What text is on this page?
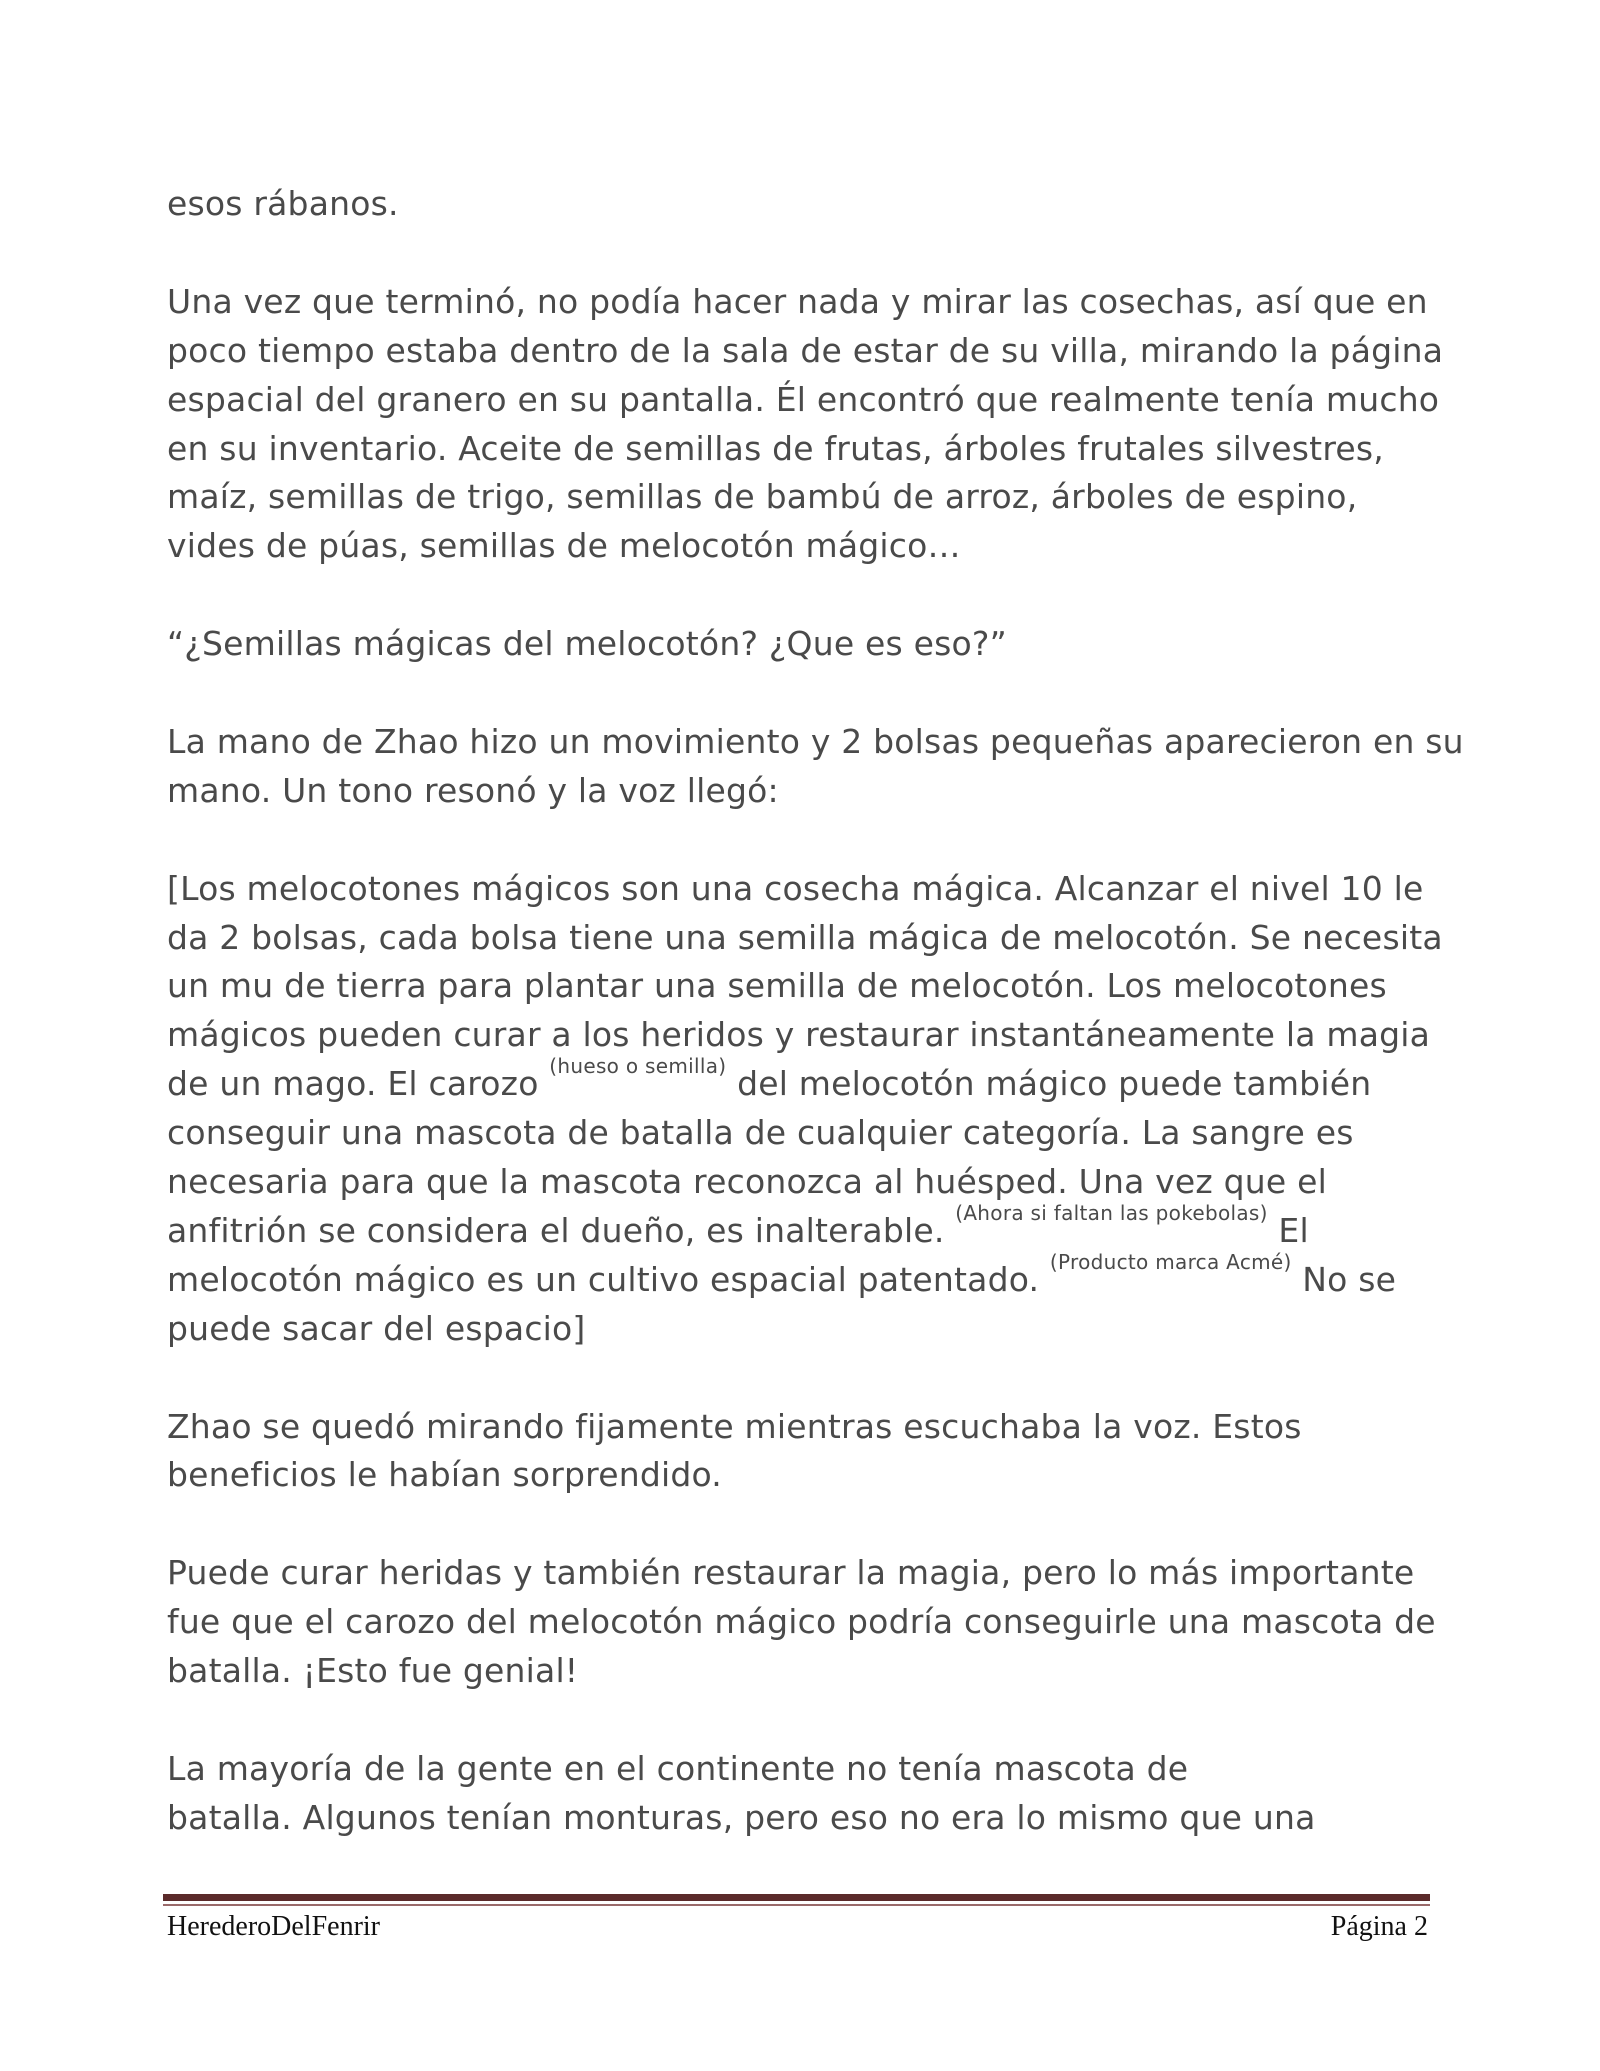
esos rábanos.

Una vez que terminó, no podía hacer nada y mirar las cosechas, así que en
poco tiempo estaba dentro de la sala de estar de su villa, mirando la página
espacial del granero en su pantalla. Él encontró que realmente tenía mucho
en su inventario. Aceite de semillas de frutas, árboles frutales silvestres,
maíz, semillas de trigo, semillas de bambú de arroz, árboles de espino,
vides de púas, semillas de melocotón mágico…

“¿Semillas mágicas del melocotón? ¿Que es eso?”

La mano de Zhao hizo un movimiento y 2 bolsas pequeñas aparecieron en su
mano. Un tono resonó y la voz llegó:

[Los melocotones mágicos son una cosecha mágica. Alcanzar el nivel 10 le
da 2 bolsas, cada bolsa tiene una semilla mágica de melocotón. Se necesita
un mu de tierra para plantar una semilla de melocotón. Los melocotones
mágicos pueden curar a los heridos y restaurar instantáneamente la magia
de un mago. El carozo $^{(hueso o semilla)}$ del melocotón mágico puede también
conseguir una mascota de batalla de cualquier categoría. La sangre es
necesaria para que la mascota reconozca al huésped. Una vez que el
anfitrión se considera el dueño, es inalterable. $^{(Ahora si faltan las pokebolas)}$ El
melocotón mágico es un cultivo espacial patentado. $^{(Producto marca Acmé)}$ No se
puede sacar del espacio]

Zhao se quedó mirando fijamente mientras escuchaba la voz. Estos
beneficios le habían sorprendido.

Puede curar heridas y también restaurar la magia, pero lo más importante
fue que el carozo del melocotón mágico podría conseguirle una mascota de
batalla. ¡Esto fue genial!

La mayoría de la gente en el continente no tenía mascota de
batalla. Algunos tenían monturas, pero eso no era lo mismo que una

HerederoDelFenrir	Página 2
